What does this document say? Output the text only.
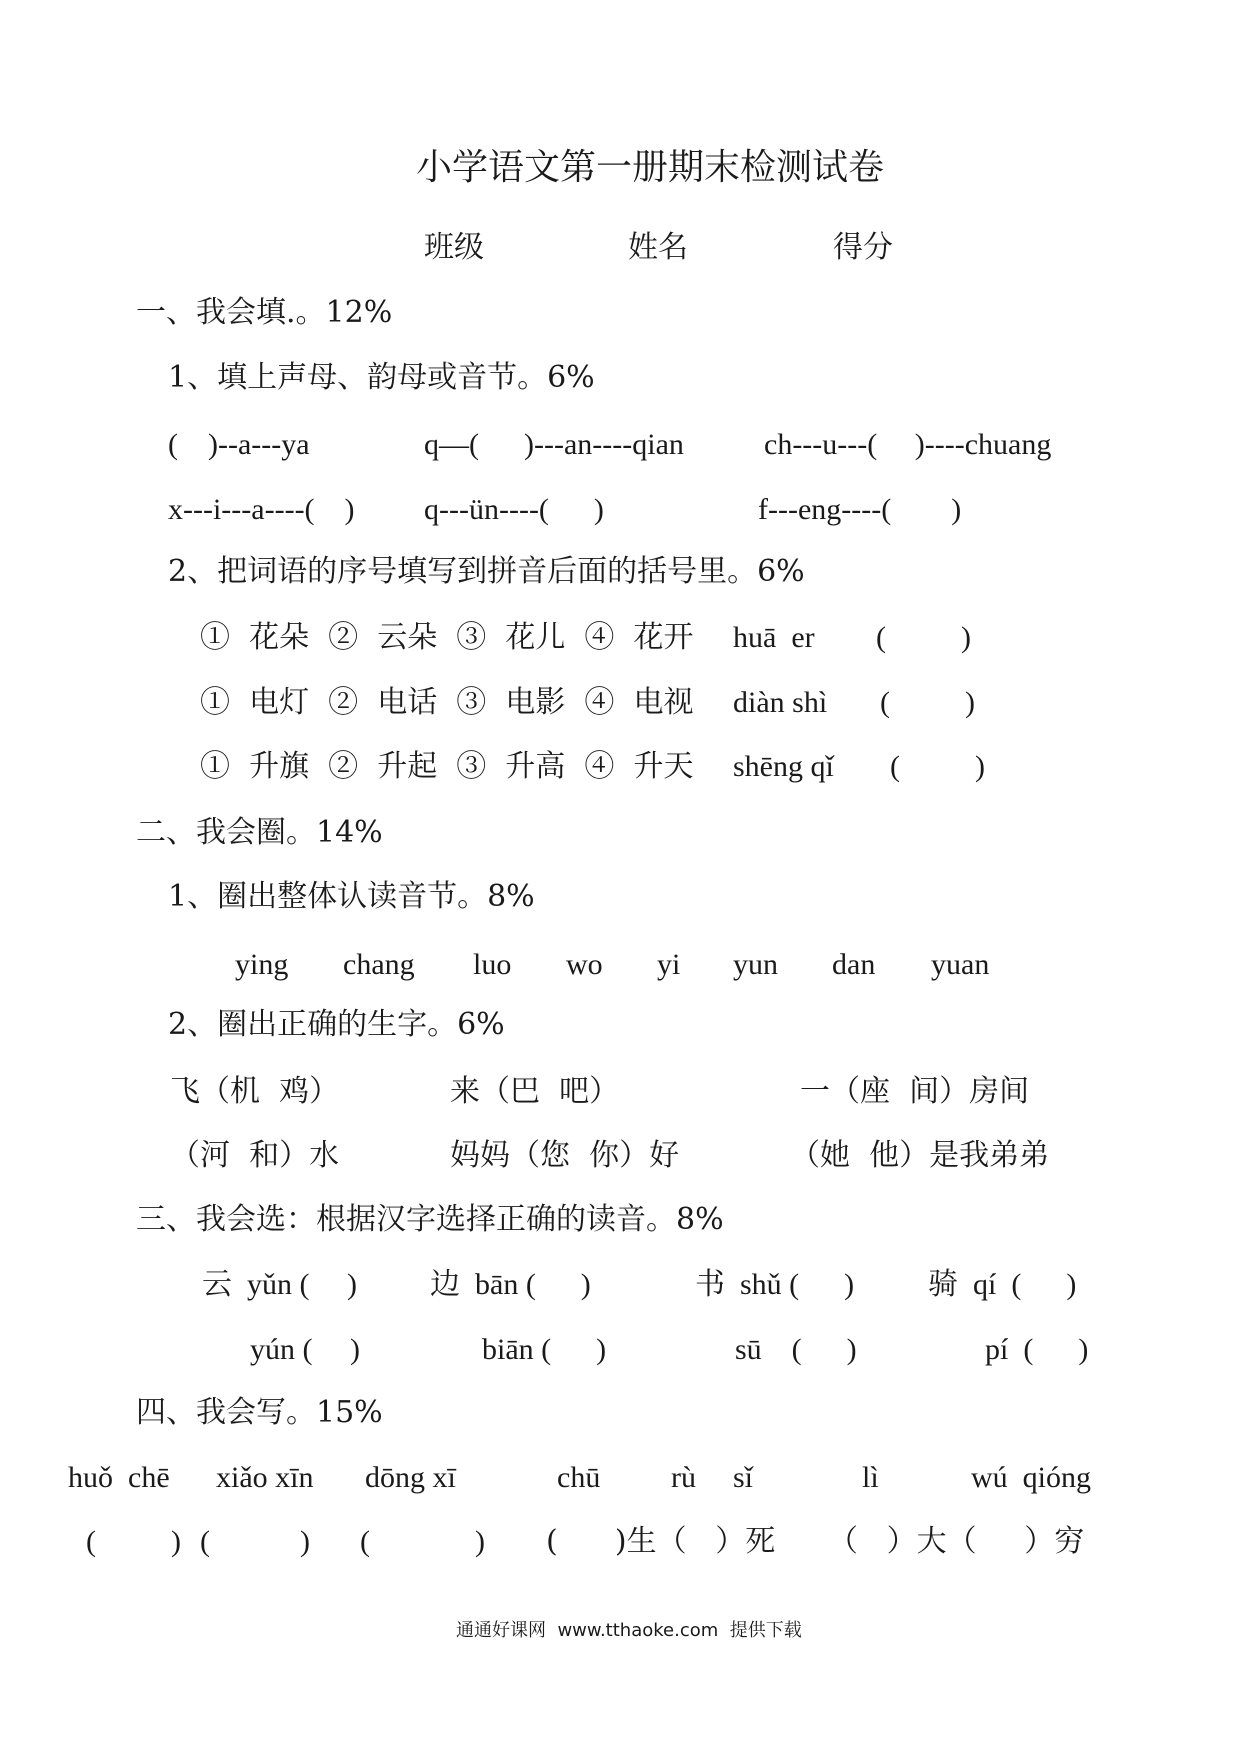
小学语文第一册期末检测试卷
班级	姓名	得分
一、我会填.。12%
1、填上声母、韵母或音节。6%
(    )--a---ya	q—(      )---an----qian	ch---u---(     )----chuang
x---i---a----(    ) q---ün----(      )	f---eng----(        )
2、把词语的序号填写到拼音后面的括号里。6%
①  花朵  ②  云朵  ③  花儿  ④  花开 huā  er (          )
①  电灯  ②  电话  ③  电影  ④  电视 diàn shì (          )
①  升旗  ②  升起  ③  升高  ④  升天 shēng qǐ (          )
二、我会圈。14%
1、圈出整体认读音节。8%
ying chang luo wo yi yun dan yuan
2、圈出正确的生字。6%
飞（机  鸡）	来（巴  吧）	一（座  间）房间
（河  和）水	妈妈（您  你）好	（她  他）是我弟弟
三、我会选：根据汉字选择正确的读音。8%
云  yǔn (     ) 边  bān (      )	书  shǔ (      ) 骑  qí  (      )
yún (     )	biān (      )	sū    (      )	pí  (      )
四、我会写。15%
huǒ  chē xiǎo xīn dōng xī	chū rù sǐ	lì	wú  qióng
(          ) (            ) (              ) (      )生（   ）死 （   ）大（     ）穷
通通好课网  www.tthaoke.com  提供下载
